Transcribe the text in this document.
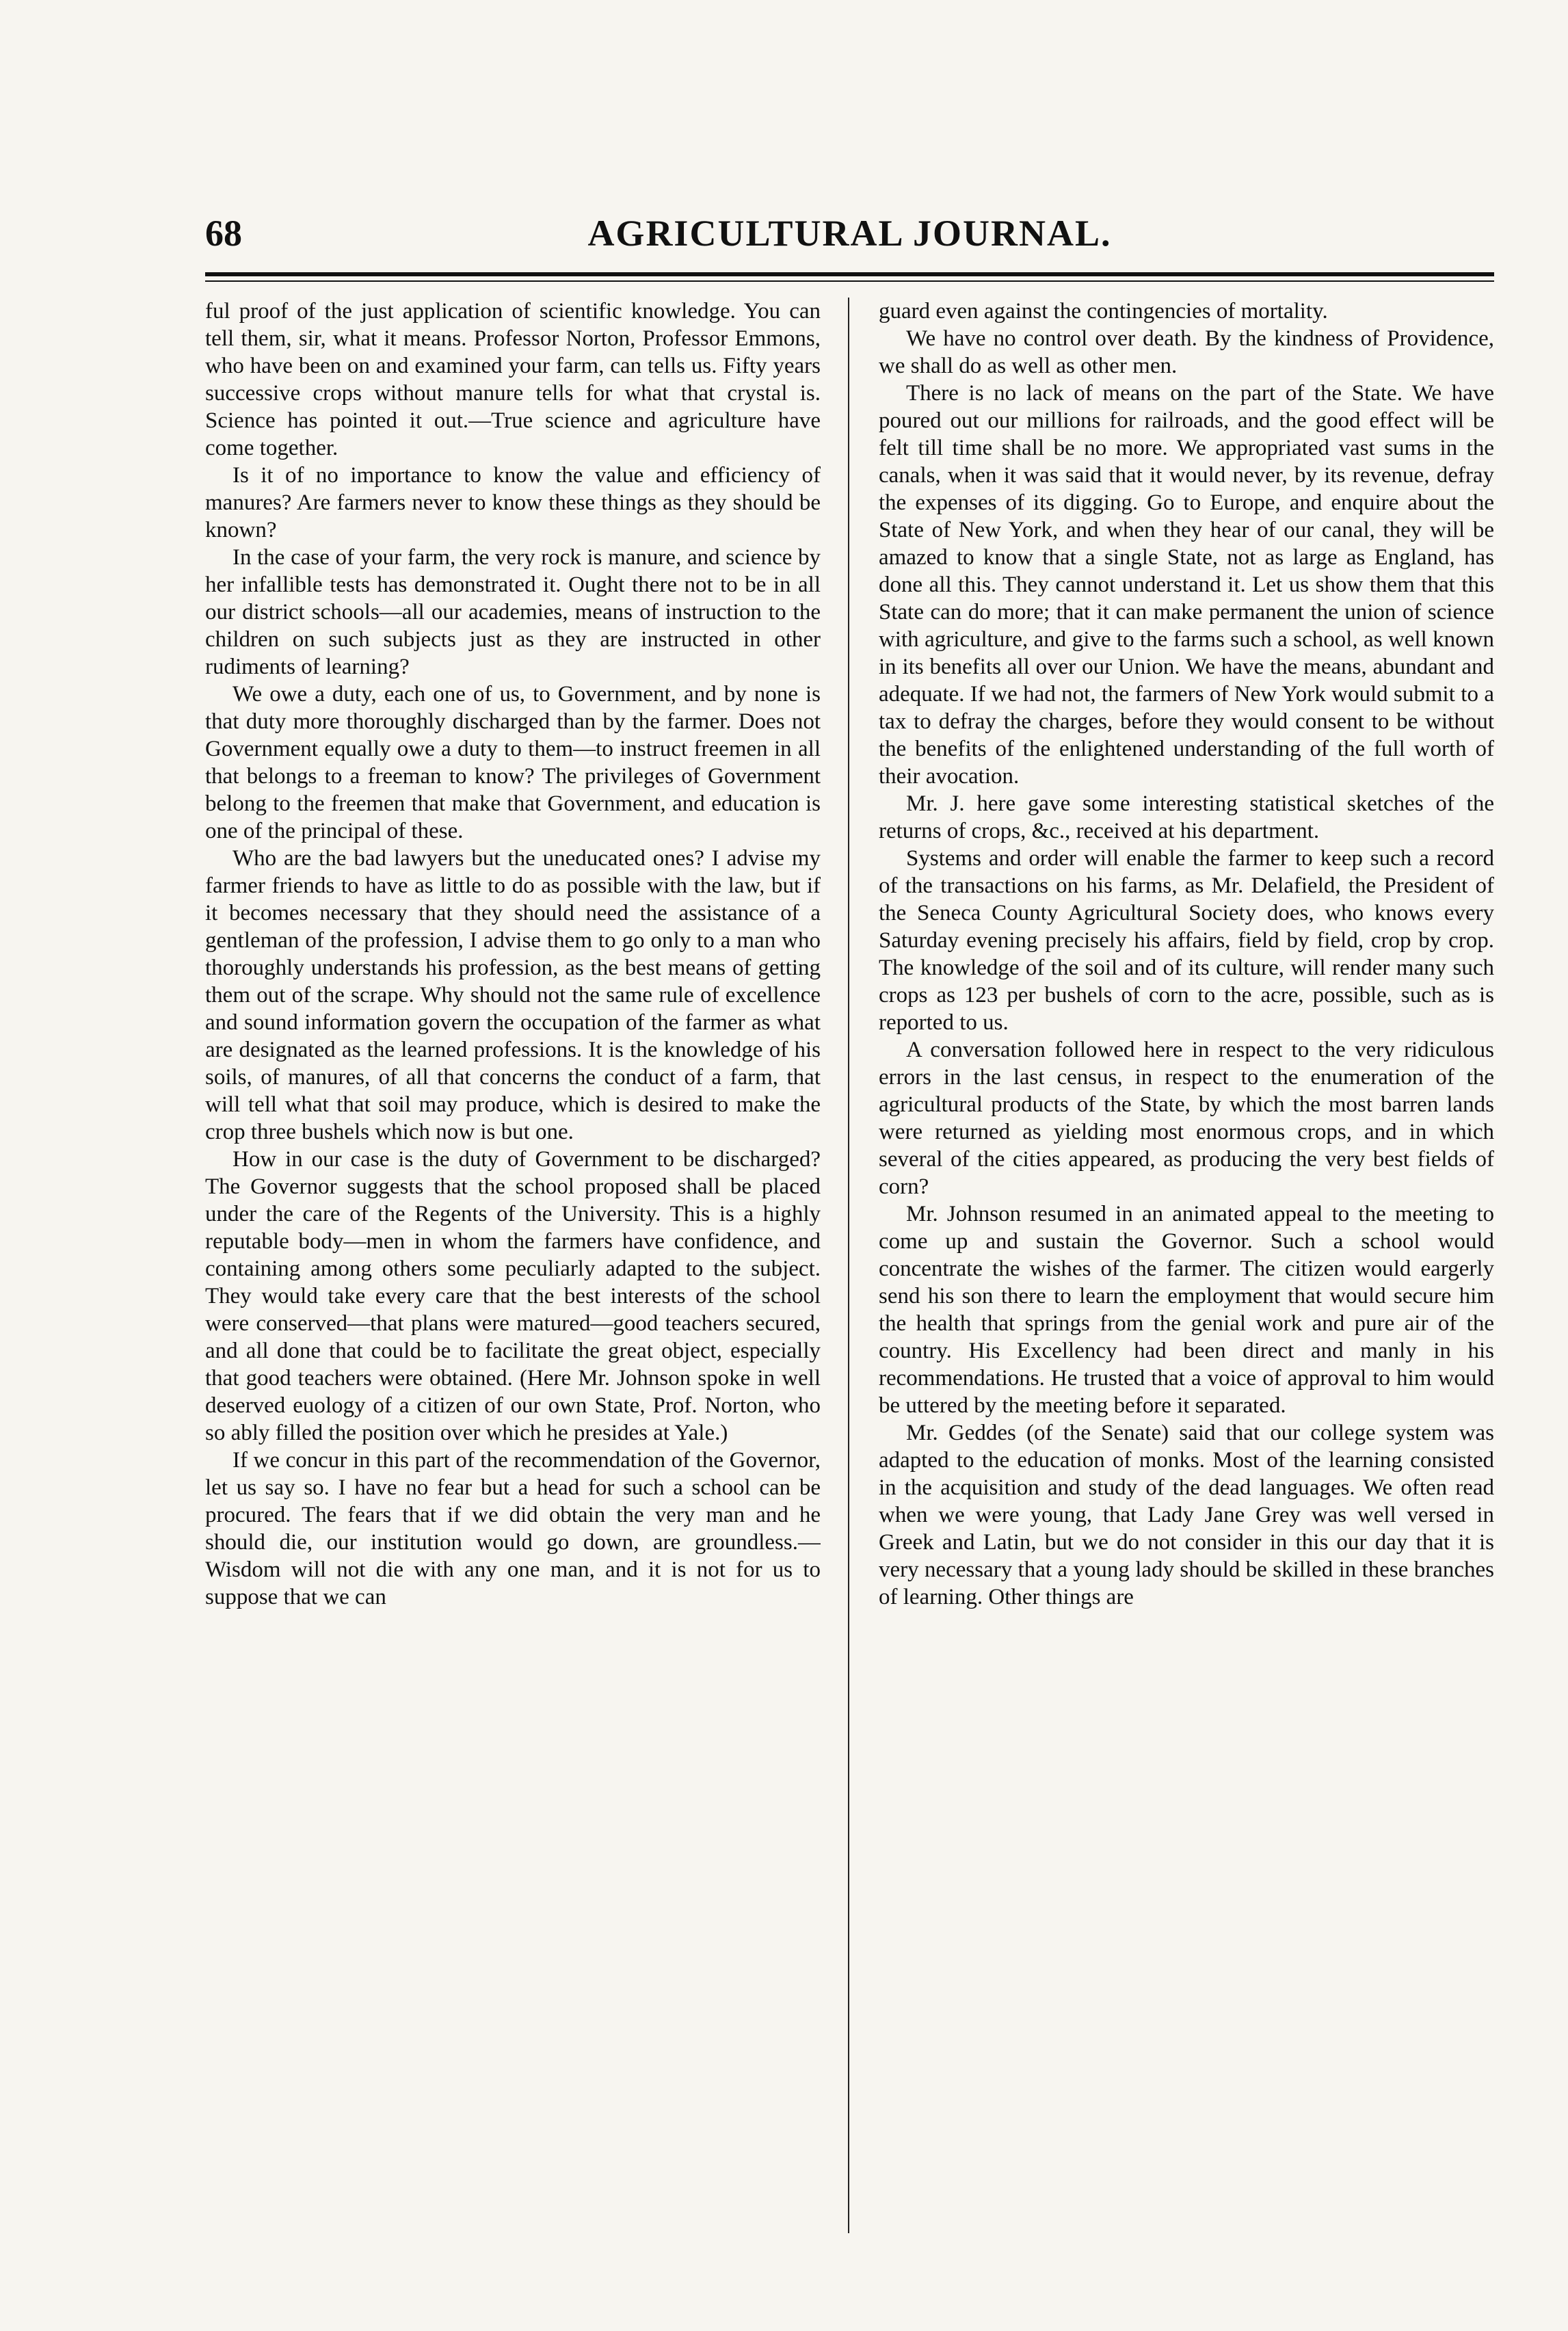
68	AGRICULTURAL JOURNAL.

ful proof of the just application of scientific knowledge. You can tell them, sir, what it means. Professor Norton, Professor Emmons, who have been on and examined your farm, can tells us. Fifty years successive crops without manure tells for what that crystal is. Science has pointed it out.—True science and agriculture have come together.

Is it of no importance to know the value and efficiency of manures? Are farmers never to know these things as they should be known?

In the case of your farm, the very rock is manure, and science by her infallible tests has demonstrated it. Ought there not to be in all our district schools—all our academies, means of instruction to the children on such subjects just as they are instructed in other rudiments of learning?

We owe a duty, each one of us, to Government, and by none is that duty more thoroughly discharged than by the farmer. Does not Government equally owe a duty to them—to instruct freemen in all that belongs to a freeman to know? The privileges of Government belong to the freemen that make that Government, and education is one of the principal of these.

Who are the bad lawyers but the uneducated ones? I advise my farmer friends to have as little to do as possible with the law, but if it becomes necessary that they should need the assistance of a gentleman of the profession, I advise them to go only to a man who thoroughly understands his profession, as the best means of getting them out of the scrape. Why should not the same rule of excellence and sound information govern the occupation of the farmer as what are designated as the learned professions. It is the knowledge of his soils, of manures, of all that concerns the conduct of a farm, that will tell what that soil may produce, which is desired to make the crop three bushels which now is but one.

How in our case is the duty of Government to be discharged? The Governor suggests that the school proposed shall be placed under the care of the Regents of the University. This is a highly reputable body—men in whom the farmers have confidence, and containing among others some peculiarly adapted to the subject. They would take every care that the best interests of the school were conserved—that plans were matured—good teachers secured, and all done that could be to facilitate the great object, especially that good teachers were obtained. (Here Mr. Johnson spoke in well deserved euology of a citizen of our own State, Prof. Norton, who so ably filled the position over which he presides at Yale.)

If we concur in this part of the recommendation of the Governor, let us say so. I have no fear but a head for such a school can be procured. The fears that if we did obtain the very man and he should die, our institution would go down, are groundless.—Wisdom will not die with any one man, and it is not for us to suppose that we can

guard even against the contingencies of mortality.

We have no control over death. By the kindness of Providence, we shall do as well as other men.

There is no lack of means on the part of the State. We have poured out our millions for railroads, and the good effect will be felt till time shall be no more. We appropriated vast sums in the canals, when it was said that it would never, by its revenue, defray the expenses of its digging. Go to Europe, and enquire about the State of New York, and when they hear of our canal, they will be amazed to know that a single State, not as large as England, has done all this. They cannot understand it. Let us show them that this State can do more; that it can make permanent the union of science with agriculture, and give to the farms such a school, as well known in its benefits all over our Union. We have the means, abundant and adequate. If we had not, the farmers of New York would submit to a tax to defray the charges, before they would consent to be without the benefits of the enlightened understanding of the full worth of their avocation.

Mr. J. here gave some interesting statistical sketches of the returns of crops, &c., received at his department.

Systems and order will enable the farmer to keep such a record of the transactions on his farms, as Mr. Delafield, the President of the Seneca County Agricultural Society does, who knows every Saturday evening precisely his affairs, field by field, crop by crop. The knowledge of the soil and of its culture, will render many such crops as 123 per bushels of corn to the acre, possible, such as is reported to us.

A conversation followed here in respect to the very ridiculous errors in the last census, in respect to the enumeration of the agricultural products of the State, by which the most barren lands were returned as yielding most enormous crops, and in which several of the cities appeared, as producing the very best fields of corn?

Mr. Johnson resumed in an animated appeal to the meeting to come up and sustain the Governor. Such a school would concentrate the wishes of the farmer. The citizen would eargerly send his son there to learn the employment that would secure him the health that springs from the genial work and pure air of the country. His Excellency had been direct and manly in his recommendations. He trusted that a voice of approval to him would be uttered by the meeting before it separated.

Mr. Geddes (of the Senate) said that our college system was adapted to the education of monks. Most of the learning consisted in the acquisition and study of the dead languages. We often read when we were young, that Lady Jane Grey was well versed in Greek and Latin, but we do not consider in this our day that it is very necessary that a young lady should be skilled in these branches of learning. Other things are
